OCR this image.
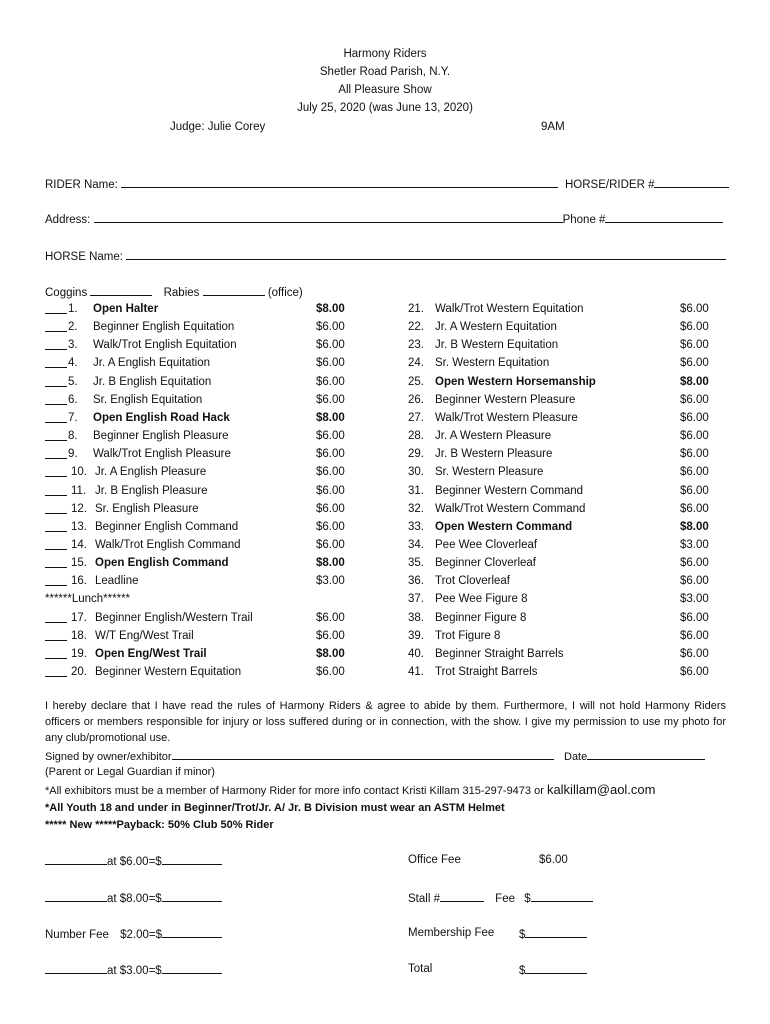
Harmony Riders
Shetler Road Parish, N.Y.
All Pleasure Show
July 25, 2020 (was June 13, 2020)
Judge: Julie Corey	9AM
RIDER Name:	HORSE/RIDER #
Address:	Phone #
HORSE Name:
Coggins	Rabies	(office)
1. Open Halter	$8.00
2. Beginner English Equitation	$6.00
3. Walk/Trot English Equitation	$6.00
4. Jr. A English Equitation	$6.00
5. Jr. B English Equitation	$6.00
6. Sr. English Equitation	$6.00
7. Open English Road Hack	$8.00
8. Beginner English Pleasure	$6.00
9. Walk/Trot English Pleasure	$6.00
10. Jr. A English Pleasure	$6.00
11. Jr. B English Pleasure	$6.00
12. Sr. English Pleasure	$6.00
13. Beginner English Command	$6.00
14. Walk/Trot English Command	$6.00
15. Open English Command	$8.00
16. Leadline	$3.00
******Lunch******
17. Beginner English/Western Trail	$6.00
18. W/T Eng/West Trail	$6.00
19. Open Eng/West Trail	$8.00
20. Beginner Western Equitation	$6.00
21. Walk/Trot Western Equitation	$6.00
22. Jr. A Western Equitation	$6.00
23. Jr. B Western Equitation	$6.00
24. Sr. Western Equitation	$6.00
25. Open Western Horsemanship	$8.00
26. Beginner Western Pleasure	$6.00
27. Walk/Trot Western Pleasure	$6.00
28. Jr. A Western Pleasure	$6.00
29. Jr. B Western Pleasure	$6.00
30. Sr. Western Pleasure	$6.00
31. Beginner Western Command	$6.00
32. Walk/Trot Western Command	$6.00
33. Open Western Command	$8.00
34. Pee Wee Cloverleaf	$3.00
35. Beginner Cloverleaf	$6.00
36. Trot Cloverleaf	$6.00
37. Pee Wee Figure 8	$3.00
38. Beginner Figure 8	$6.00
39. Trot Figure 8	$6.00
40. Beginner Straight Barrels	$6.00
41. Trot Straight Barrels	$6.00
I hereby declare that I have read the rules of Harmony Riders & agree to abide by them. Furthermore, I will not hold Harmony Riders officers or members responsible for injury or loss suffered during or in connection, with the show. I give my permission to use my photo for any club/promotional use.
Signed by owner/exhibitor	Date
(Parent or Legal Guardian if minor)
*All exhibitors must be a member of Harmony Rider for more info contact Kristi Killam 315-297-9473 or kalkillam@aol.com
*All Youth 18 and under in Beginner/Trot/Jr. A/ Jr. B Division must wear an ASTM Helmet
***** New *****Payback: 50% Club 50% Rider
at $6.00=$
at $8.00=$
Number Fee $2.00=$
at $3.00=$
Office Fee	$6.00
Stall #	Fee $
Membership Fee $
Total	$
